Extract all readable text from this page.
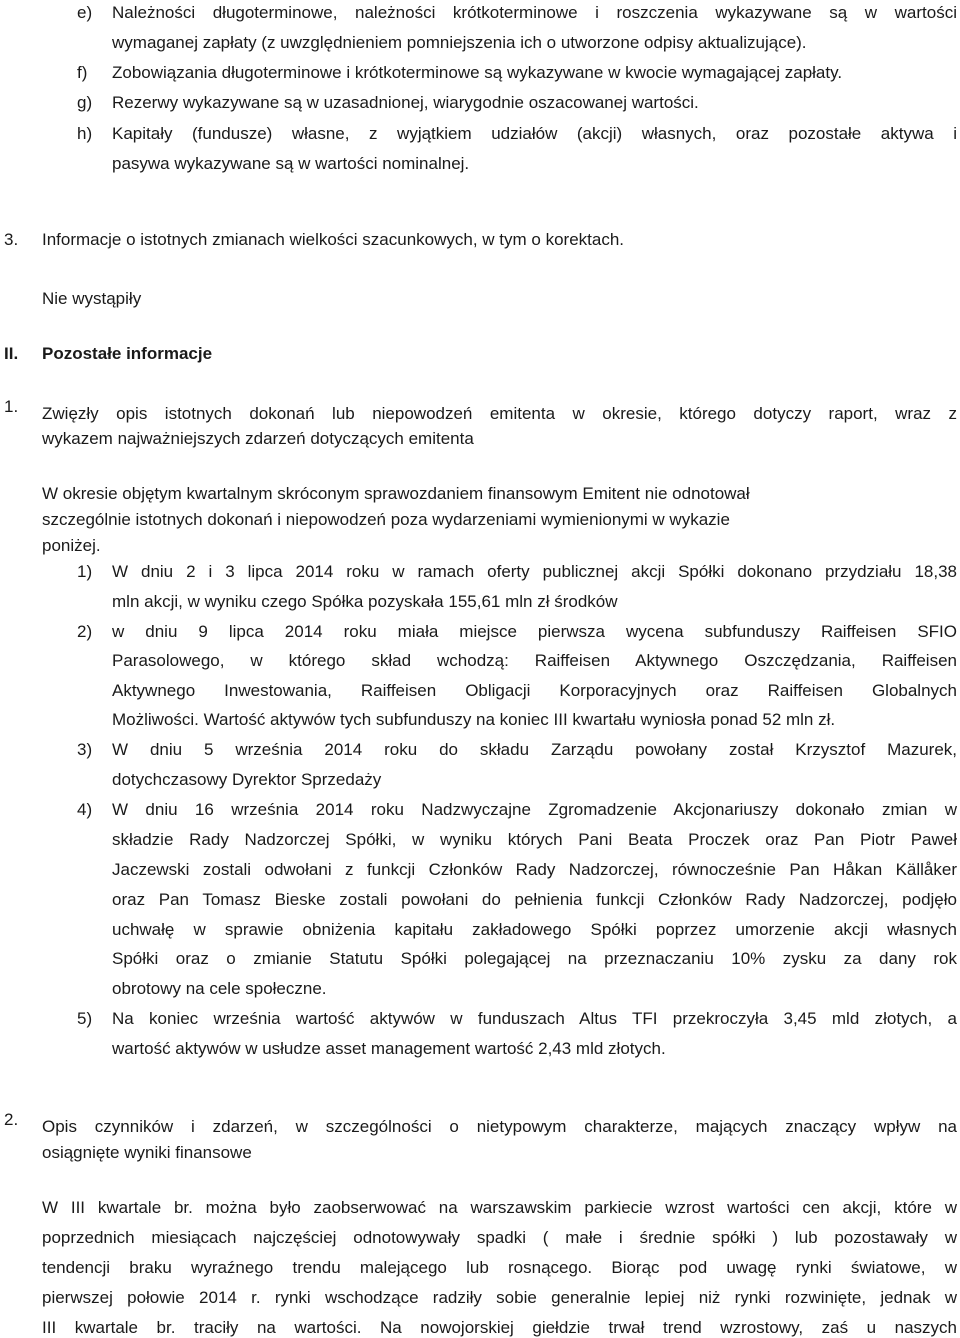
e) Należności długoterminowe, należności krótkoterminowe i roszczenia wykazywane są w wartości
wymaganej zapłaty (z uwzględnieniem pomniejszenia ich o utworzone odpisy aktualizujące).
f) Zobowiązania długoterminowe i krótkoterminowe są wykazywane w kwocie wymagającej zapłaty.
g) Rezerwy wykazywane są w uzasadnionej, wiarygodnie oszacowanej wartości.
h) Kapitały (fundusze) własne, z wyjątkiem udziałów (akcji) własnych, oraz pozostałe aktywa i
pasywa wykazywane są w wartości nominalnej.
3. Informacje o istotnych zmianach wielkości szacunkowych, w tym o korektach.
Nie wystąpiły
II. Pozostałe informacje
1. Zwięzły opis istotnych dokonań lub niepowodzeń emitenta w okresie, którego dotyczy raport, wraz z
wykazem najważniejszych zdarzeń dotyczących emitenta
W okresie objętym kwartalnym skróconym sprawozdaniem finansowym Emitent nie odnotował
szczególnie istotnych dokonań i niepowodzeń poza wydarzeniami wymienionymi w wykazie
poniżej.
1) W dniu 2 i 3 lipca 2014 roku w ramach oferty publicznej akcji Spółki dokonano przydziału 18,38
mln akcji, w wyniku czego Spółka pozyskała 155,61 mln zł środków
2) w dniu 9 lipca 2014 roku miała miejsce pierwsza wycena subfunduszy Raiffeisen SFIO
Parasolowego, w którego skład wchodzą: Raiffeisen Aktywnego Oszczędzania, Raiffeisen
Aktywnego Inwestowania, Raiffeisen Obligacji Korporacyjnych oraz Raiffeisen Globalnych
Możliwości. Wartość aktywów tych subfunduszy na koniec III kwartału wyniosła ponad 52 mln zł.
3) W dniu 5 września 2014 roku do składu Zarządu powołany został Krzysztof Mazurek,
dotychczasowy Dyrektor Sprzedaży
4) W dniu 16 września 2014 roku Nadzwyczajne Zgromadzenie Akcjonariuszy dokonało zmian w
składzie Rady Nadzorczej Spółki, w wyniku których Pani Beata Proczek oraz Pan Piotr Paweł
Jaczewski zostali odwołani z funkcji Członków Rady Nadzorczej, równocześnie Pan Håkan Källåker
oraz Pan Tomasz Bieske zostali powołani do pełnienia funkcji Członków Rady Nadzorczej, podjęło
uchwałę w sprawie obniżenia kapitału zakładowego Spółki poprzez umorzenie akcji własnych
Spółki oraz o zmianie Statutu Spółki polegającej na przeznaczaniu 10% zysku za dany rok
obrotowy na cele społeczne.
5) Na koniec września wartość aktywów w funduszach Altus TFI przekroczyła 3,45 mld złotych, a
wartość aktywów w usłudze asset management wartość 2,43 mld złotych.
2. Opis czynników i zdarzeń, w szczególności o nietypowym charakterze, mających znaczący wpływ na
osiągnięte wyniki finansowe
W III kwartale br. można było zaobserwować na warszawskim parkiecie wzrost wartości cen akcji, które w
poprzednich miesiącach najczęściej odnotowywały spadki ( małe i średnie spółki ) lub pozostawały w
tendencji braku wyraźnego trendu malejącego lub rosnącego. Biorąc pod uwagę rynki światowe, w
pierwszej połowie 2014 r. rynki wschodzące radziły sobie generalnie lepiej niż rynki rozwinięte, jednak w
III kwartale br. traciły na wartości. Na nowojorskiej giełdzie trwał trend wzrostowy, zaś u naszych
